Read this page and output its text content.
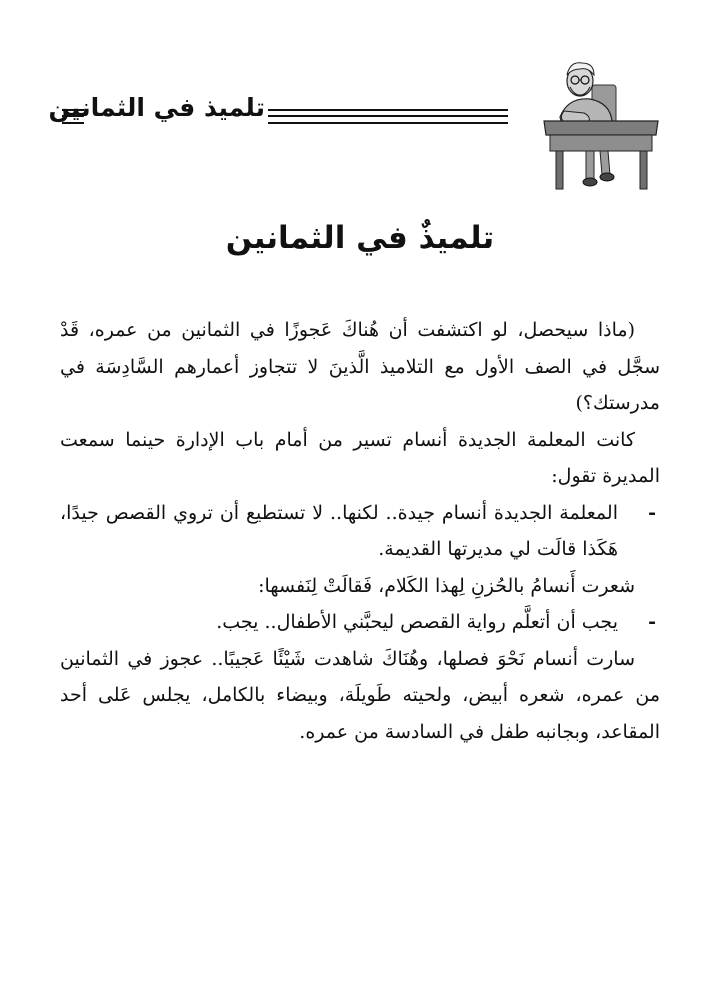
تلميذ في الثمانين
تلميذٌ في الثمانين

(ماذا سيحصل، لو اكتشفت أن هُناكَ عَجوزًا في الثمانين من عمره، قَدْ سجَّل في الصف الأول مع التلاميذ الَّذينَ لا تتجاوز أعمارهم السَّادِسَة في مدرستك؟)

كانت المعلمة الجديدة أنسام تسير من أمام باب الإدارة حينما سمعت المديرة تقول:

-
المعلمة الجديدة أنسام جيدة.. لكنها.. لا تستطيع أن تروي القصص جيدًا، هَكَذا قالَت لي مديرتها القديمة.

شعرت أَنسامُ بالحُزنِ لِهذا الكَلام، فَقالَتْ لِنَفسها:

-
يجب أن أتعلَّم رواية القصص ليحبَّني الأطفال.. يجب.

سارت أنسام نَحْوَ فصلها، وهُنَاكَ شاهدت شَيْئًا عَجيبًا.. عجوز في الثمانين من عمره، شعره أبيض، ولحيته طَويلَة، وبيضاء بالكامل، يجلس عَلى أحد المقاعد، وبجانبه طفل في السادسة من عمره.
